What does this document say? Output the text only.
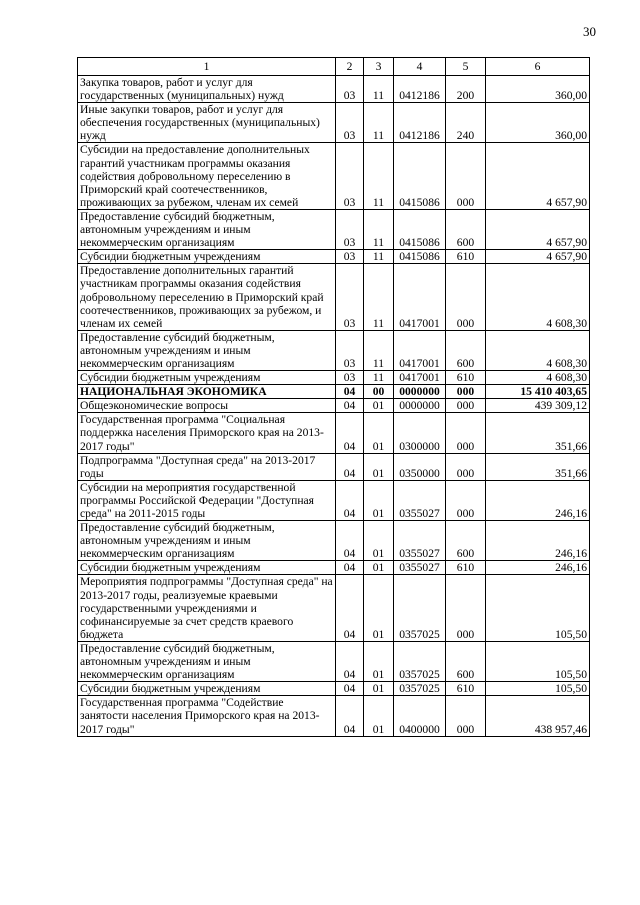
30
1	2	3	4	5	6
Закупка товаров, работ и услуг для государственных (муниципальных) нужд	03	11	0412186	200	360,00
Иные закупки товаров, работ и услуг для обеспечения государственных (муниципальных) нужд	03	11	0412186	240	360,00
Субсидии на предоставление дополнительных гарантий участникам программы оказания содействия добровольному переселению в Приморский край соотечественников, проживающих за рубежом, членам их семей	03	11	0415086	000	4 657,90
Предоставление субсидий бюджетным, автономным учреждениям и иным некоммерческим организациям	03	11	0415086	600	4 657,90
Субсидии бюджетным учреждениям	03	11	0415086	610	4 657,90
Предоставление дополнительных гарантий участникам программы оказания содействия добровольному переселению в Приморский край соотечественников, проживающих за рубежом, и членам их семей	03	11	0417001	000	4 608,30
Предоставление субсидий бюджетным, автономным учреждениям и иным некоммерческим организациям	03	11	0417001	600	4 608,30
Субсидии бюджетным учреждениям	03	11	0417001	610	4 608,30
НАЦИОНАЛЬНАЯ ЭКОНОМИКА	04	00	0000000	000	15 410 403,65
Общеэкономические вопросы	04	01	0000000	000	439 309,12
Государственная программа "Социальная поддержка населения Приморского края на 2013-2017 годы"	04	01	0300000	000	351,66
Подпрограмма "Доступная среда" на 2013-2017 годы	04	01	0350000	000	351,66
Субсидии на мероприятия государственной программы Российской Федерации "Доступная среда" на 2011-2015 годы	04	01	0355027	000	246,16
Предоставление субсидий бюджетным, автономным учреждениям и иным некоммерческим организациям	04	01	0355027	600	246,16
Субсидии бюджетным учреждениям	04	01	0355027	610	246,16
Мероприятия подпрограммы "Доступная среда" на 2013-2017 годы, реализуемые краевыми государственными учреждениями и софинансируемые за счет средств краевого бюджета	04	01	0357025	000	105,50
Предоставление субсидий бюджетным, автономным учреждениям и иным некоммерческим организациям	04	01	0357025	600	105,50
Субсидии бюджетным учреждениям	04	01	0357025	610	105,50
Государственная программа "Содействие занятости населения Приморского края на 2013-2017 годы"	04	01	0400000	000	438 957,46
